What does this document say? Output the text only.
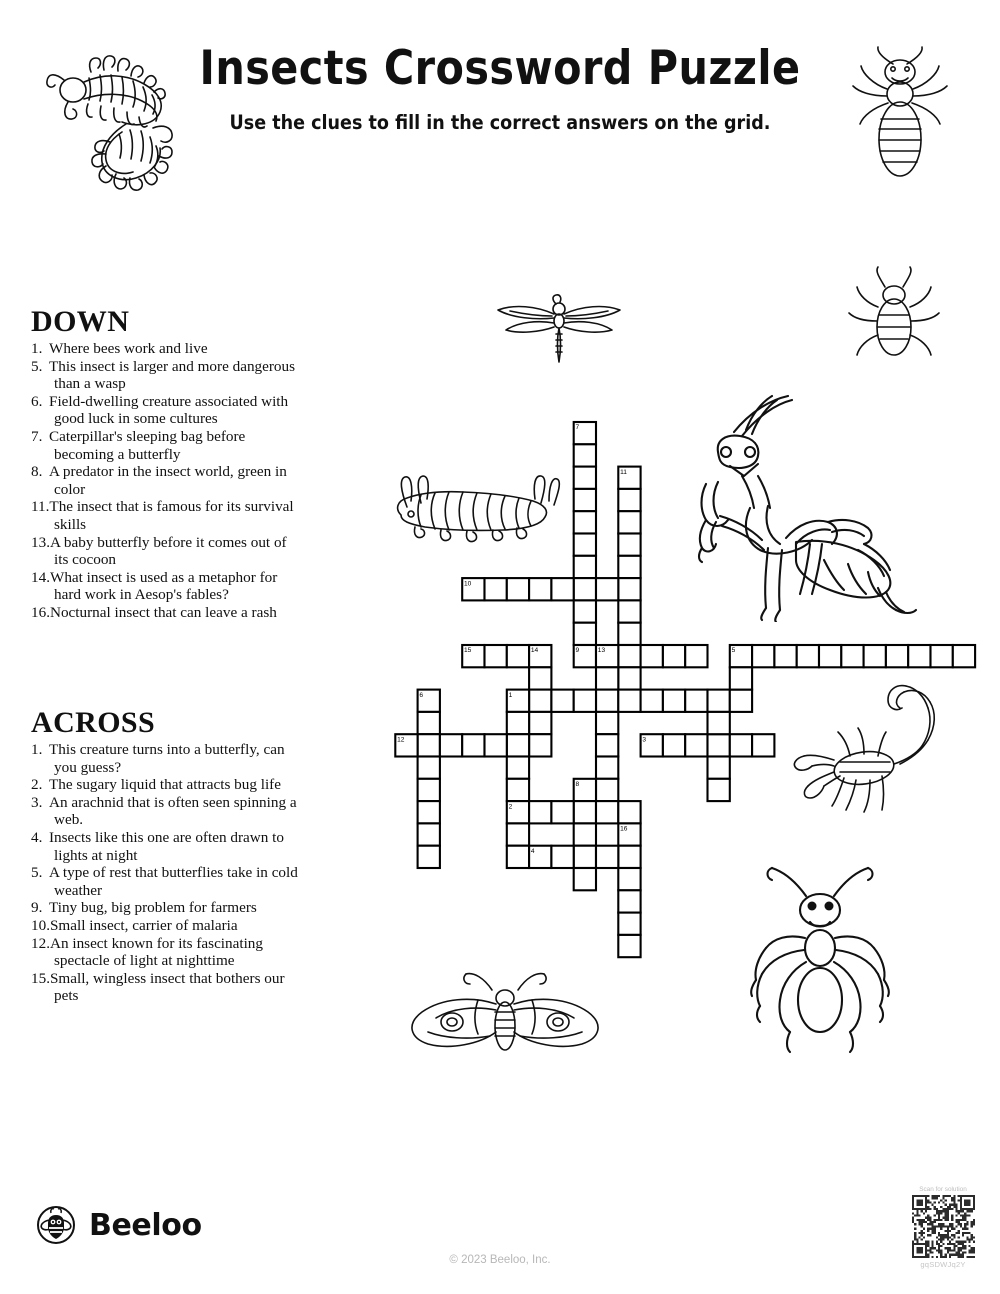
Insects Crossword Puzzle

Use the clues to fill in the correct answers on the grid.

DOWN
1. Where bees work and live
5. This insect is larger and more dangerous than a wasp
6. Field-dwelling creature associated with good luck in some cultures
7. Caterpillar's sleeping bag before becoming a butterfly
8. A predator in the insect world, green in color
11.The insect that is famous for its survival skills
13.A baby butterfly before it comes out of its cocoon
14.What insect is used as a metaphor for hard work in Aesop's fables?
16.Nocturnal insect that can leave a rash
ACROSS
1. This creature turns into a butterfly, can you guess?
2. The sugary liquid that attracts bug life
3. An arachnid that is often seen spinning a web.
4. Insects like this one are often drawn to lights at night
5. A type of rest that butterflies take in cold weather
9. Tiny bug, big problem for farmers
10.Small insect, carrier of malaria
12.An insect known for its fascinating spectacle of light at nighttime
15.Small, wingless insect that bothers our pets
7
11
10
15	14	9	13	5
6	1
2
12	3
8
16
4
Beeloo
© 2023 Beeloo, Inc.
Scan for solution
gqSDWJq2Y
